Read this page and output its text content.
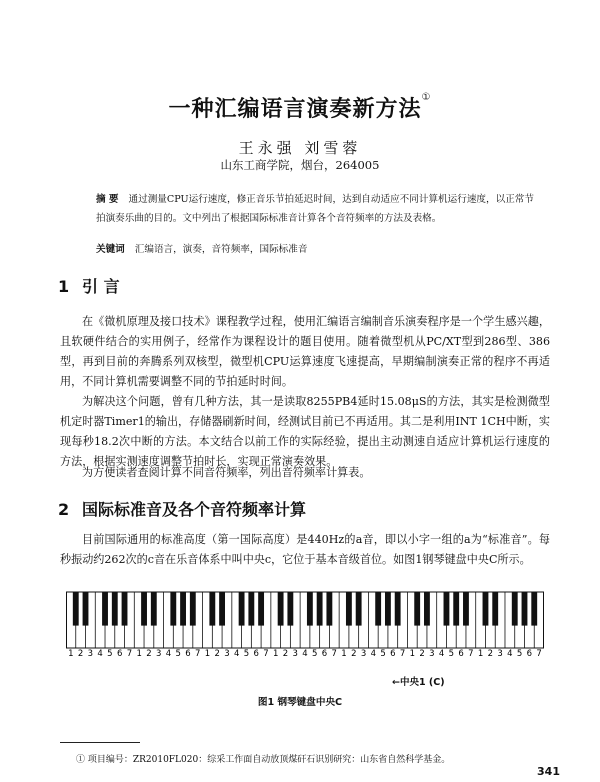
一种汇编语言演奏新方法①
王永强 刘雪蓉
山东工商学院，烟台，264005
摘 要 通过测量CPU运行速度，修正音乐节拍延迟时间，达到自动适应不同计算机运行速度，以正常节拍演奏乐曲的目的。文中列出了根据国际标准音计算各个音符频率的方法及表格。
关键词 汇编语言，演奏，音符频率，国际标准音
1 引 言
在《微机原理及接口技术》课程教学过程，使用汇编语言编制音乐演奏程序是一个学生感兴趣，且软硬件结合的实用例子，经常作为课程设计的题目使用。随着微型机从PC/XT型到286型、386型，再到目前的奔腾系列双核型，微型机CPU运算速度飞速提高，早期编制演奏正常的程序不再适用，不同计算机需要调整不同的节拍延时时间。
为解决这个问题，曾有几种方法，其一是读取8255PB4延时15.08μS的方法，其实是检测微型机定时器Timer1的输出，存储器刷新时间，经测试目前已不再适用。其二是利用INT 1CH中断，实现每秒18.2次中断的方法。本文结合以前工作的实际经验，提出主动测速自适应计算机运行速度的方法，根据实测速度调整节拍时长，实现正常演奏效果。
为方便读者查阅计算不同音符频率，列出音符频率计算表。
2 国际标准音及各个音符频率计算
目前国际通用的标准高度（第一国际高度）是440Hz的a音，即以小字一组的a为“标准音”。每秒振动约262次的c音在乐音体系中叫中央c，它位于基本音级首位。如图1钢琴键盘中央C所示。
1 2 3 4 5 6 7 1 2 3 4 5 6 7 1 2 3 4 5 6 7 1 2 3 4 5 6 7 1 2 3 4 5 6 7 1 2 3 4 5 6 7 1 2 3 4 5 6 7
←中央1 (C)
图1 钢琴键盘中央C
① 项目编号：ZR2010FL020：综采工作面自动放顶煤矸石识别研究：山东省自然科学基金。
341
